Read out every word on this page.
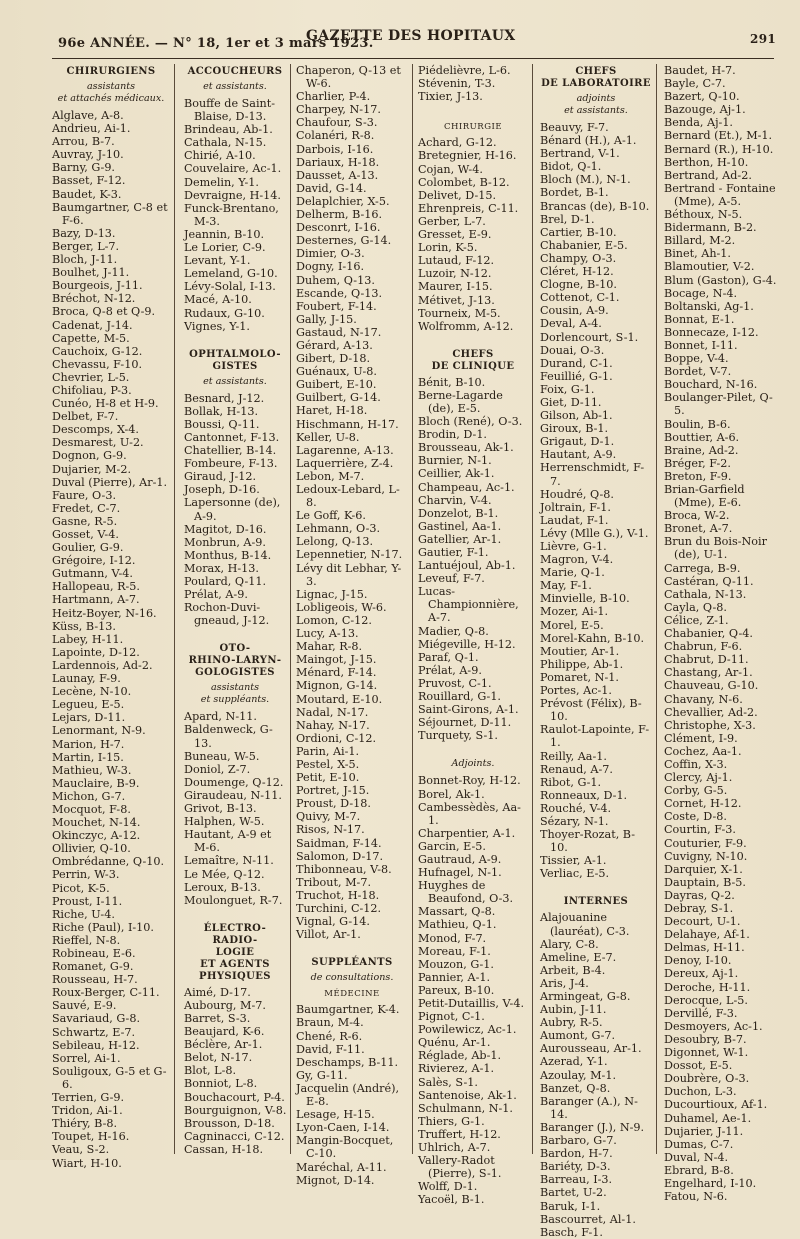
96e ANNÉE. — N° 18, 1er et 3 mars 1923.
GAZETTE DES HOPITAUX	291
CHIRURGIENS
assistants
et attachés médicaux.
Alglave, A-8.
Andrieu, Ai-1.
Arrou, B-7.
Auvray, J-10.
Barny, G-9.
Basset, F-12.
Baudet, K-3.
Baumgartner, C-8 et F-6.
Bazy, D-13.
Berger, L-7.
Bloch, J-11.
Boulhet, J-11.
Bourgeois, J-11.
Bréchot, N-12.
Broca, Q-8 et Q-9.
Cadenat, J-14.
Capette, M-5.
Cauchoix, G-12.
Chevassu, F-10.
Chevrier, L-5.
Chifoliau, P-3.
Cunéo, H-8 et H-9.
Delbet, F-7.
Descomps, X-4.
Desmarest, U-2.
Dognon, G-9.
Dujarier, M-2.
Duval (Pierre), Ar-1.
Faure, O-3.
Fredet, C-7.
Gasne, R-5.
Gosset, V-4.
Goulier, G-9.
Grégoire, I-12.
Gutmann, V-4.
Hallopeau, R-5.
Hartmann, A-7.
Heitz-Boyer, N-16.
Küss, B-13.
Labey, H-11.
Lapointe, D-12.
Lardennois, Ad-2.
Launay, F-9.
Lecène, N-10.
Legueu, E-5.
Lejars, D-11.
Lenormant, N-9.
Marion, H-7.
Martin, I-15.
Mathieu, W-3.
Mauclaire, B-9.
Michon, G-7.
Mocquot, F-8.
Mouchet, N-14.
Okinczyc, A-12.
Ollivier, Q-10.
Ombrédanne, Q-10.
Perrin, W-3.
Picot, K-5.
Proust, I-11.
Riche, U-4.
Riche (Paul), I-10.
Rieffel, N-8.
Robineau, E-6.
Romanet, G-9.
Rousseau, H-7.
Roux-Berger, C-11.
Sauvé, E-9.
Savariaud, G-8.
Schwartz, E-7.
Sebileau, H-12.
Sorrel, Ai-1.
Souligoux, G-5 et G-6.
Terrien, G-9.
Tridon, Ai-1.
Thiéry, B-8.
Toupet, H-16.
Veau, S-2.
Wiart, H-10.
ACCOUCHEURS
et assistants.
Bouffe de Saint-Blaise, D-13.
Brindeau, Ab-1.
Cathala, N-15.
Chirié, A-10.
Couvelaire, Ac-1.
Demelin, Y-1.
Devraigne, H-14.
Funck-Brentano, M-3.
Jeannin, B-10.
Le Lorier, C-9.
Levant, Y-1.
Lemeland, G-10.
Lévy-Solal, I-13.
Macé, A-10.
Rudaux, G-10.
Vignes, Y-1.
OPHTALMOLO-
GISTES
et assistants.
Besnard, J-12.
Bollak, H-13.
Boussi, Q-11.
Cantonnet, F-13.
Chatellier, B-14.
Fombeure, F-13.
Giraud, J-12.
Joseph, D-16.
Lapersonne (de), A-9.
Magitot, D-16.
Monbrun, A-9.
Monthus, B-14.
Morax, H-13.
Poulard, Q-11.
Prélat, A-9.
Rochon-Duvi-gneaud, J-12.
OTO-
RHINO-LARYN-
GOLOGISTES
assistants
et suppléants.
Apard, N-11.
Baldenweck, G-13.
Buneau, W-5.
Doniol, Z-7.
Doumenge, Q-12.
Giraudeau, N-11.
Grivot, B-13.
Halphen, W-5.
Hautant, A-9 et M-6.
Lemaître, N-11.
Le Mée, Q-12.
Leroux, B-13.
Moulonguet, R-7.
ÉLECTRO-RADIO-
LOGIE
ET AGENTS
PHYSIQUES
Aimé, D-17.
Aubourg, M-7.
Barret, S-3.
Beaujard, K-6.
Béclère, Ar-1.
Belot, N-17.
Blot, L-8.
Bonniot, L-8.
Bouchacourt, P-4.
Bourguignon, V-8.
Brousson, D-18.
Cagninacci, C-12.
Cassan, H-18.
Chaperon, Q-13 et W-6.
Charlier, P-4.
Charpey, N-17.
Chaufour, S-3.
Colanéri, R-8.
Darbois, I-16.
Dariaux, H-18.
Dausset, A-13.
David, G-14.
Delaplchier, X-5.
Delherm, B-16.
Desconrt, I-16.
Desternes, G-14.
Dimier, O-3.
Dogny, I-16.
Duhem, Q-13.
Escande, Q-13.
Foubert, F-14.
Gally, J-15.
Gastaud, N-17.
Gérard, A-13.
Gibert, D-18.
Guénaux, U-8.
Guibert, E-10.
Guilbert, G-14.
Haret, H-18.
Hischmann, H-17.
Keller, U-8.
Lagarenne, A-13.
Laquerrière, Z-4.
Lebon, M-7.
Ledoux-Lebard, L-8.
Le Goff, K-6.
Lehmann, O-3.
Lelong, Q-13.
Lepennetier, N-17.
Lévy dit Lebhar, Y-3.
Lignac, J-15.
Lobligeois, W-6.
Lomon, C-12.
Lucy, A-13.
Mahar, R-8.
Maingot, J-15.
Ménard, F-14.
Mignon, G-14.
Moutard, E-10.
Nadal, N-17.
Nahay, N-17.
Ordioni, C-12.
Parin, Ai-1.
Pestel, X-5.
Petit, E-10.
Portret, J-15.
Proust, D-18.
Quivy, M-7.
Risos, N-17.
Saidman, F-14.
Salomon, D-17.
Thibonneau, V-8.
Tribout, M-7.
Truchot, H-18.
Turchini, C-12.
Vignal, G-14.
Villot, Ar-1.
SUPPLÉANTS
de consultations.
MÉDECINE
Baumgartner, K-4.
Braun, M-4.
Chené, R-6.
David, F-11.
Deschamps, B-11.
Gy, G-11.
Jacquelin (André), E-8.
Lesage, H-15.
Lyon-Caen, I-14.
Mangin-Bocquet, C-10.
Maréchal, A-11.
Mignot, D-14.
Piédelièvre, L-6.
Stévenin, T-3.
Tixier, J-13.
CHIRURGIE
Achard, G-12.
Bretegnier, H-16.
Cojan, W-4.
Colombet, B-12.
Delivet, D-15.
Ehrenpreis, C-11.
Gerber, L-7.
Gresset, E-9.
Lorin, K-5.
Lutaud, F-12.
Luzoir, N-12.
Maurer, I-15.
Métivet, J-13.
Tourneix, M-5.
Wolfromm, A-12.
CHEFS
DE CLINIQUE
Bénit, B-10.
Berne-Lagarde (de), E-5.
Bloch (René), O-3.
Brodin, D-1.
Brousseau, Ak-1.
Burnier, N-1.
Ceillier, Ak-1.
Champeau, Ac-1.
Charvin, V-4.
Donzelot, B-1.
Gastinel, Aa-1.
Gatellier, Ar-1.
Gautier, F-1.
Lantuéjoul, Ab-1.
Leveuf, F-7.
Lucas-Championnière, A-7.
Madier, Q-8.
Miégeville, H-12.
Paraf, Q-1.
Prélat, A-9.
Pruvost, C-1.
Rouillard, G-1.
Saint-Girons, A-1.
Séjournet, D-11.
Turquety, S-1.
Adjoints.
Bonnet-Roy, H-12.
Borel, Ak-1.
Cambessèdès, Aa-1.
Charpentier, A-1.
Garcin, E-5.
Gautraud, A-9.
Hufnagel, N-1.
Huyghes de Beaufond, O-3.
Massart, Q-8.
Mathieu, Q-1.
Monod, F-7.
Moreau, F-1.
Mouzon, G-1.
Pannier, A-1.
Pareux, B-10.
Petit-Dutaillis, V-4.
Pignot, C-1.
Powilewicz, Ac-1.
Quénu, Ar-1.
Réglade, Ab-1.
Rivierez, A-1.
Salès, S-1.
Santenoise, Ak-1.
Schulmann, N-1.
Thiers, G-1.
Truffert, H-12.
Uhlrich, A-7.
Vallery-Radot (Pierre), S-1.
Wolff, D-1.
Yacoël, B-1.
CHEFS
DE LABORATOIRE
adjoints
et assistants.
Beauvy, F-7.
Bénard (H.), A-1.
Bertrand, V-1.
Bidot, Q-1.
Bloch (M.), N-1.
Bordet, B-1.
Brancas (de), B-10.
Brel, D-1.
Cartier, B-10.
Chabanier, E-5.
Champy, O-3.
Cléret, H-12.
Clogne, B-10.
Cottenot, C-1.
Cousin, A-9.
Deval, A-4.
Dorlencourt, S-1.
Douai, O-3.
Durand, C-1.
Feuillié, G-1.
Foix, G-1.
Giet, D-11.
Gilson, Ab-1.
Giroux, B-1.
Grigaut, D-1.
Hautant, A-9.
Herrenschmidt, F-7.
Houdré, Q-8.
Joltrain, F-1.
Laudat, F-1.
Lévy (Mlle G.), V-1.
Lièvre, G-1.
Magron, V-4.
Marie, Q-1.
May, F-1.
Minvielle, B-10.
Mozer, Ai-1.
Morel, E-5.
Morel-Kahn, B-10.
Moutier, Ar-1.
Philippe, Ab-1.
Pomaret, N-1.
Portes, Ac-1.
Prévost (Félix), B-10.
Raulot-Lapointe, F-1.
Reilly, Aa-1.
Renaud, A-7.
Ribot, G-1.
Ronneaux, D-1.
Rouché, V-4.
Sézary, N-1.
Thoyer-Rozat, B-10.
Tissier, A-1.
Verliac, E-5.
INTERNES
Alajouanine (lauréat), C-3.
Alary, C-8.
Ameline, E-7.
Arbeit, B-4.
Aris, J-4.
Armingeat, G-8.
Aubin, J-11.
Aubry, R-5.
Aumont, G-7.
Aurousseau, Ar-1.
Azerad, Y-1.
Azoulay, M-1.
Banzet, Q-8.
Baranger (A.), N-14.
Baranger (J.), N-9.
Barbaro, G-7.
Bardon, H-7.
Bariéty, D-3.
Barreau, I-3.
Bartet, U-2.
Baruk, I-1.
Bascourret, Al-1.
Basch, F-1.
Baudet, H-7.
Bayle, C-7.
Bazert, Q-10.
Bazouge, Aj-1.
Benda, Aj-1.
Bernard (Et.), M-1.
Bernard (R.), H-10.
Berthon, H-10.
Bertrand, Ad-2.
Bertrand - Fontaine (Mme), A-5.
Béthoux, N-5.
Bidermann, B-2.
Billard, M-2.
Binet, Ah-1.
Blamoutier, V-2.
Blum (Gaston), G-4.
Bocage, N-4.
Boltanski, Ag-1.
Bonnat, E-1.
Bonnecaze, I-12.
Bonnet, I-11.
Boppe, V-4.
Bordet, V-7.
Bouchard, N-16.
Boulanger-Pilet, Q-5.
Boulin, B-6.
Bouttier, A-6.
Braine, Ad-2.
Bréger, F-2.
Breton, F-9.
Brian-Garfield (Mme), E-6.
Broca, W-2.
Bronet, A-7.
Brun du Bois-Noir (de), U-1.
Carrega, B-9.
Castéran, Q-11.
Cathala, N-13.
Cayla, Q-8.
Célice, Z-1.
Chabanier, Q-4.
Chabrun, F-6.
Chabrut, D-11.
Chastang, Ar-1.
Chauveau, G-10.
Chavany, N-6.
Chevallier, Ad-2.
Christophe, X-3.
Clément, I-9.
Cochez, Aa-1.
Coffin, X-3.
Clercy, Aj-1.
Corby, G-5.
Cornet, H-12.
Coste, D-8.
Courtin, F-3.
Couturier, F-9.
Cuvigny, N-10.
Darquier, X-1.
Dauptain, B-5.
Dayras, Q-2.
Debray, S-1.
Decourt, U-1.
Delahaye, Af-1.
Delmas, H-11.
Denoy, I-10.
Dereux, Aj-1.
Deroche, H-11.
Derocque, L-5.
Dervillé, F-3.
Desmoyers, Ac-1.
Desoubry, B-7.
Digonnet, W-1.
Dossot, E-5.
Doubrère, O-3.
Duchon, L-3.
Ducourtioux, Af-1.
Duhamel, Ae-1.
Dujarier, J-11.
Dumas, C-7.
Duval, N-4.
Ebrard, B-8.
Engelhard, I-10.
Fatou, N-6.
